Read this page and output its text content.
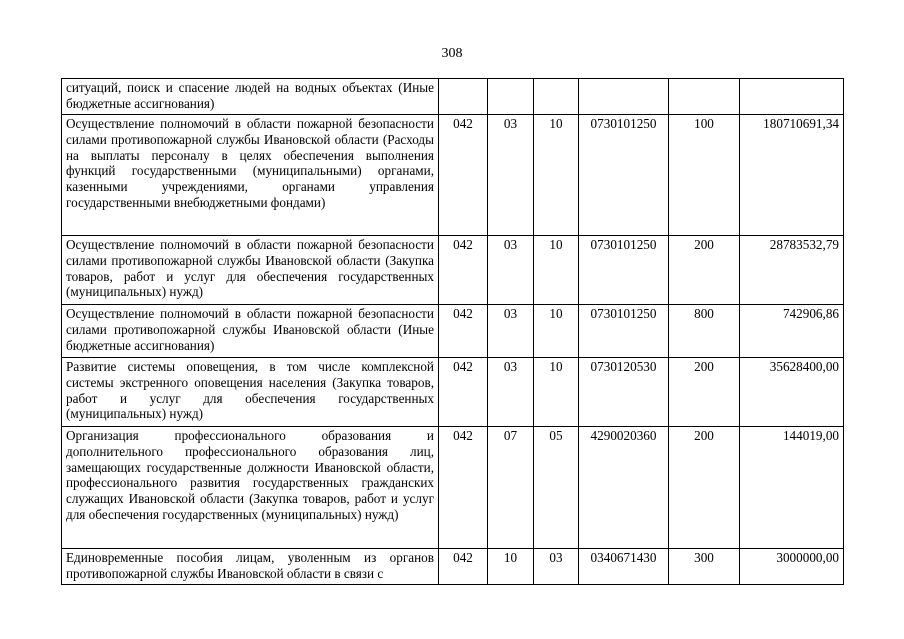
308
ситуаций, поиск и спасение людей на водных объектах (Иные бюджетные ассигнования)						
Осуществление полномочий в области пожарной безопасности силами противопожарной службы Ивановской области (Расходы на выплаты персоналу в целях обеспечения выполнения функций государственными (муниципальными) органами, казенными учреждениями, органами управления государственными внебюджетными фондами)	042	03	10	0730101250	100	180710691,34
Осуществление полномочий в области пожарной безопасности силами противопожарной службы Ивановской области (Закупка товаров, работ и услуг для обеспечения государственных (муниципальных) нужд)	042	03	10	0730101250	200	28783532,79
Осуществление полномочий в области пожарной безопасности силами противопожарной службы Ивановской области (Иные бюджетные ассигнования)	042	03	10	0730101250	800	742906,86
Развитие системы оповещения, в том числе комплексной системы экстренного оповещения населения (Закупка товаров, работ и услуг для обеспечения государственных (муниципальных) нужд)	042	03	10	0730120530	200	35628400,00
Организация профессионального образования и дополнительного профессионального образования лиц, замещающих государственные должности Ивановской области, профессионального развития государственных гражданских служащих Ивановской области (Закупка товаров, работ и услуг для обеспечения государственных (муниципальных) нужд)	042	07	05	4290020360	200	144019,00
Единовременные пособия лицам, уволенным из органов противопожарной службы Ивановской области в связи с	042	10	03	0340671430	300	3000000,00
